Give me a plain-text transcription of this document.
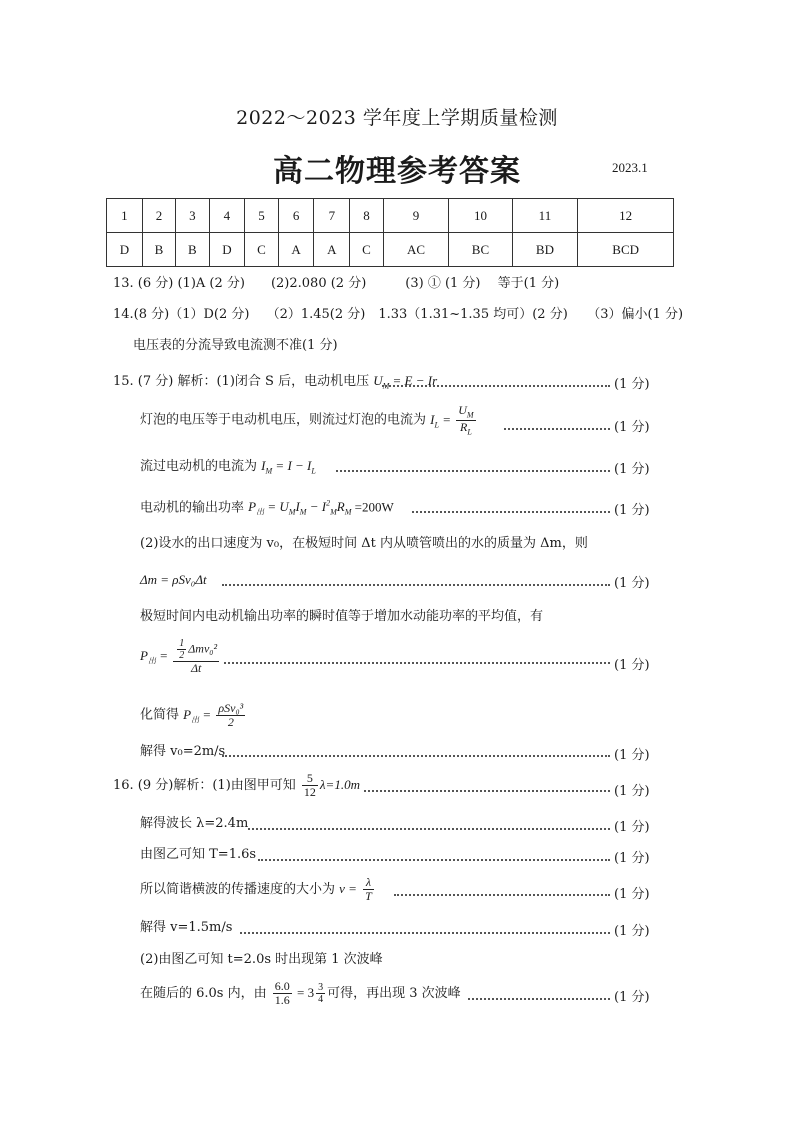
2022～2023 学年度上学期质量检测
高二物理参考答案	2023.1
1	2	3	4	5	6	7	8	9	10	11	12
D	B	B	D	C	A	A	C	AC	BC	BD	BCD
13. (6 分) (1)A (2 分)　　(2)2.080 (2 分)　　　(3) ① (1 分)　 等于(1 分)
14.(8 分)（1）D(2 分)　 （2）1.45(2 分)　1.33（1.31~1.35 均可）(2 分)　　（3）偏小(1 分)
电压表的分流导致电流测不准(1 分)
15. (7 分) 解析：(1)闭合 S 后，电动机电压 $U_M = E - Ir$	(1 分)
灯泡的电压等于电动机电压，则流过灯泡的电流为 $I_L = \frac{U_M}{R_L}$	(1 分)
流过电动机的电流为 $I_M = I - I_L$	(1 分)
电动机的输出功率 $P_出 = U_MI_M - I^2_MR_M =200W$	(1 分)
(2)设水的出口速度为 v₀，在极短时间 Δt 内从喷管喷出的水的质量为 Δm，则
Δm = ρSv₀Δt	(1 分)
极短时间内电动机输出功率的瞬时值等于增加水动能功率的平均值，有
$P_出 = \frac{\frac{1}{2} \Delta mv_0^2}{\Delta t}$	(1 分)
化简得 $P_出 = \frac{\text{ρSv₀³}}{2}$
解得 v₀=2m/s	(1 分)
16. (9 分)解析：(1)由图甲可知 $\frac{5}{12} \lambda=1.0m$	(1 分)
解得波长 λ=2.4m	(1 分)
由图乙可知 T=1.6s	(1 分)
所以简谐横波的传播速度的大小为 $v = \frac{\lambda}{T}$	(1 分)
解得 v=1.5m/s	(1 分)
(2)由图乙可知 t=2.0s 时出现第 1 次波峰
在随后的 6.0s 内，由 $\frac{6.0}{1.6} = 3 \frac{3}{4}$ 可得，再出现 3 次波峰	(1 分)
